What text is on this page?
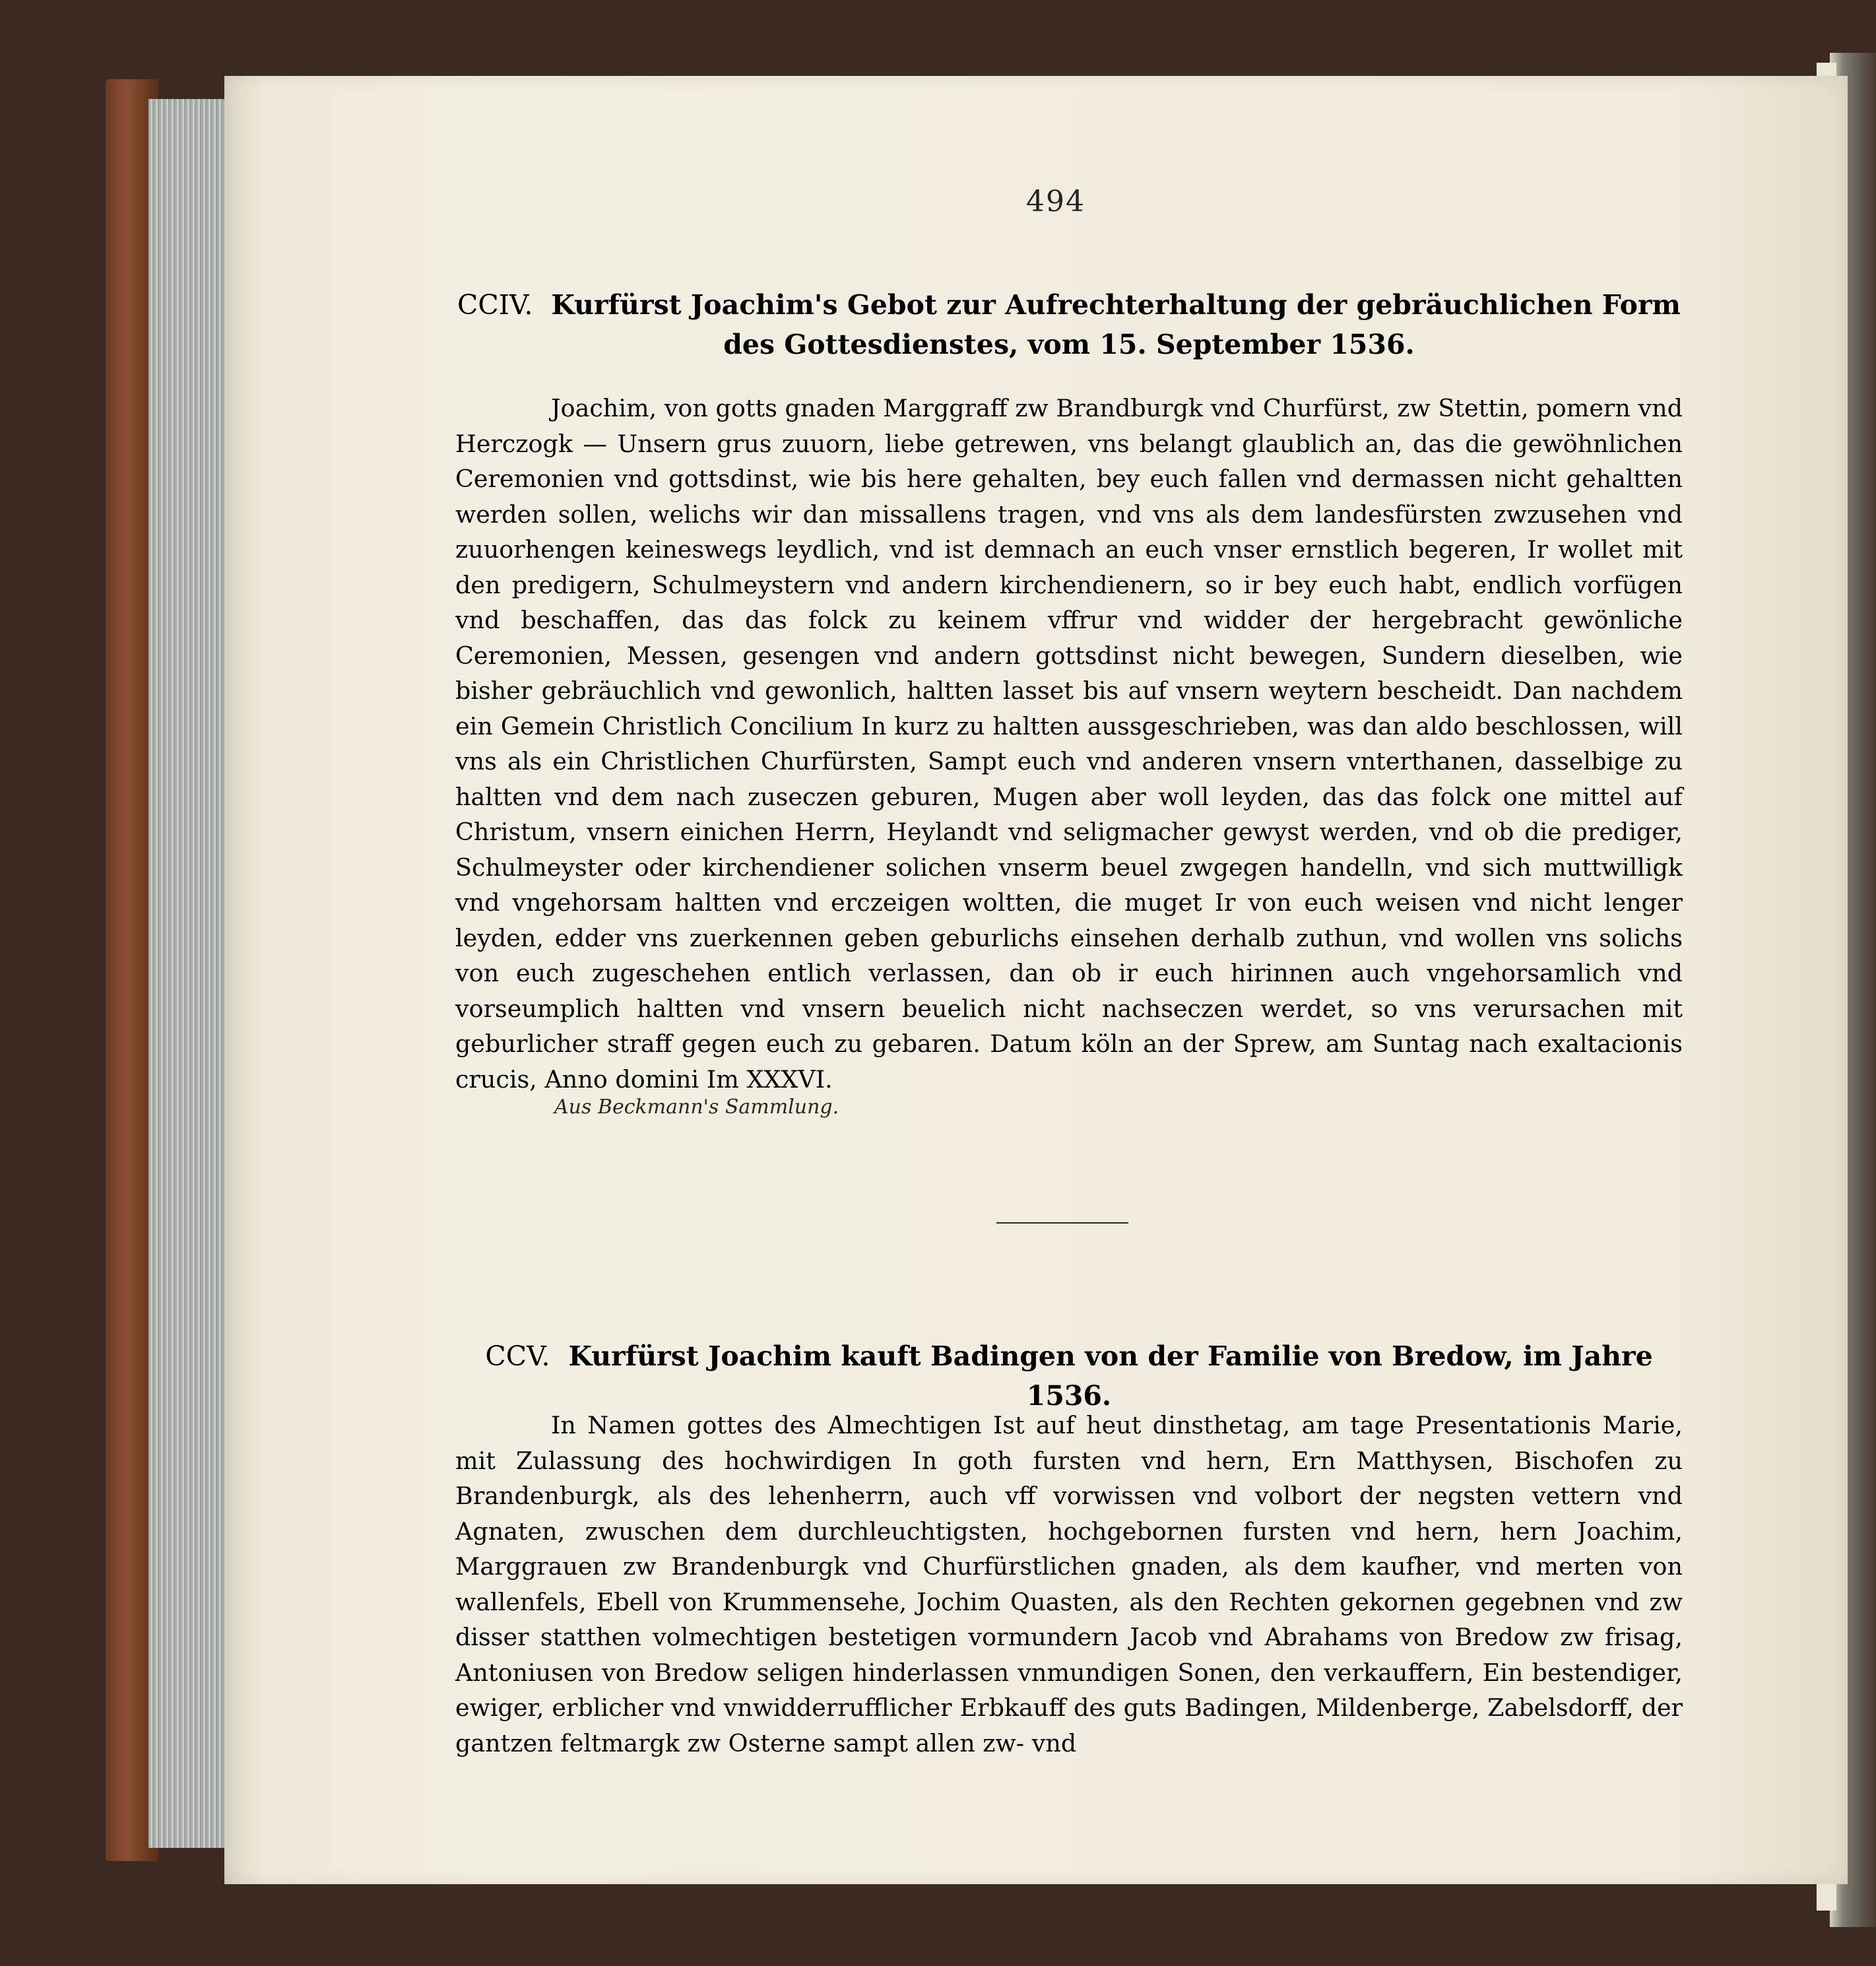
494

CCIV. Kurfürst Joachim's Gebot zur Aufrechterhaltung der gebräuchlichen Form des Gottesdienstes, vom 15. September 1536.

Joachim, von gotts gnaden Marggraff zw Brandburgk vnd Churfürst, zw Stettin, pomern vnd Herczogk — Unsern grus zuuorn, liebe getrewen, vns belangt glaublich an, das die gewöhnlichen Ceremonien vnd gottsdinst, wie bis here gehalten, bey euch fallen vnd dermassen nicht gehaltten werden sollen, welichs wir dan missallens tragen, vnd vns als dem landesfürsten zwzusehen vnd zuuorhengen keineswegs leydlich, vnd ist demnach an euch vnser ernstlich begeren, Ir wollet mit den predigern, Schulmeystern vnd andern kirchendienern, so ir bey euch habt, endlich vorfügen vnd beschaffen, das das folck zu keinem vffrur vnd widder der hergebracht gewönliche Ceremonien, Messen, gesengen vnd andern gottsdinst nicht bewegen, Sundern dieselben, wie bisher gebräuchlich vnd gewonlich, haltten lasset bis auf vnsern weytern bescheidt. Dan nachdem ein Gemein Christlich Concilium In kurz zu haltten aussgeschrieben, was dan aldo beschlossen, will vns als ein Christlichen Churfürsten, Sampt euch vnd anderen vnsern vnterthanen, dasselbige zu haltten vnd dem nach zuseczen geburen, Mugen aber woll leyden, das das folck one mittel auf Christum, vnsern einichen Herrn, Heylandt vnd seligmacher gewyst werden, vnd ob die prediger, Schulmeyster oder kirchendiener solichen vnserm beuel zwgegen handelln, vnd sich muttwilligk vnd vngehorsam haltten vnd erczeigen woltten, die muget Ir von euch weisen vnd nicht lenger leyden, edder vns zuerkennen geben geburlichs einsehen derhalb zuthun, vnd wollen vns solichs von euch zugeschehen entlich verlassen, dan ob ir euch hirinnen auch vngehorsamlich vnd vorseumplich haltten vnd vnsern beuelich nicht nachseczen werdet, so vns verursachen mit geburlicher straff gegen euch zu gebaren. Datum köln an der Sprew, am Suntag nach exaltacionis crucis, Anno domini Im XXXVI.

Aus Beckmann's Sammlung.

CCV. Kurfürst Joachim kauft Badingen von der Familie von Bredow, im Jahre 1536.

In Namen gottes des Almechtigen Ist auf heut dinsthetag, am tage Presentationis Marie, mit Zulassung des hochwirdigen In goth fursten vnd hern, Ern Matthysen, Bischofen zu Brandenburgk, als des lehenherrn, auch vff vorwissen vnd volbort der negsten vettern vnd Agnaten, zwuschen dem durchleuchtigsten, hochgebornen fursten vnd hern, hern Joachim, Marggrauen zw Brandenburgk vnd Churfürstlichen gnaden, als dem kaufher, vnd merten von wallenfels, Ebell von Krummensehe, Jochim Quasten, als den Rechten gekornen gegebnen vnd zw disser statthen volmechtigen bestetigen vormundern Jacob vnd Abrahams von Bredow zw frisag, Antoniusen von Bredow seligen hinderlassen vnmundigen Sonen, den verkauffern, Ein bestendiger, ewiger, erblicher vnd vnwidderrufflicher Erbkauff des guts Badingen, Mildenberge, Zabelsdorff, der gantzen feltmargk zw Osterne sampt allen zw- vnd
